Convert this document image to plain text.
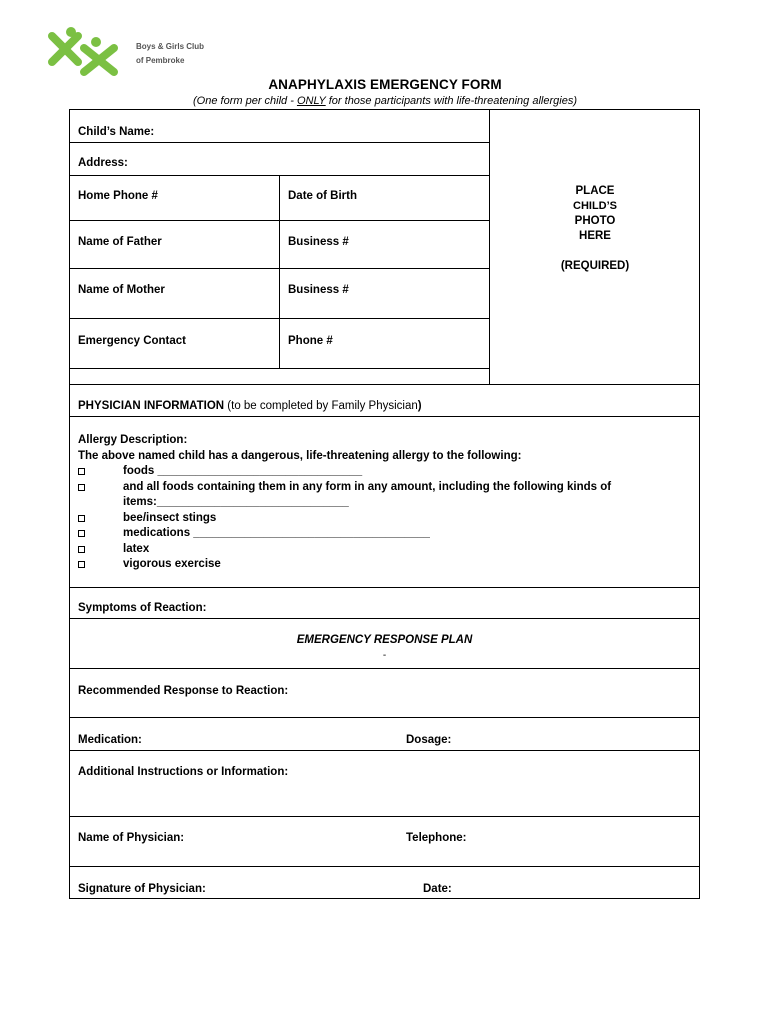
Boys & Girls Club
of Pembroke
ANAPHYLAXIS EMERGENCY FORM
(One form per child - ONLY for those participants with life-threatening allergies)
Child’s Name:
Address:
Home Phone #	Date of Birth
Name of Father	Business #
Name of Mother	Business #
Emergency Contact	Phone #
PLACE
CHILD’S
PHOTO
HERE
(REQUIRED)
PHYSICIAN INFORMATION (to be completed by Family Physician)
Allergy Description:
The above named child has a dangerous, life-threatening allergy to the following:
foods ________________________________
and all foods containing them in any form in any amount, including the following kinds of
items:______________________________
bee/insect stings
medications _____________________________________
latex
vigorous exercise
Symptoms of Reaction:
EMERGENCY RESPONSE PLAN
-
Recommended Response to Reaction:
Medication:	Dosage:
Additional Instructions or Information:
Name of Physician:	Telephone:
Signature of Physician:	Date:
